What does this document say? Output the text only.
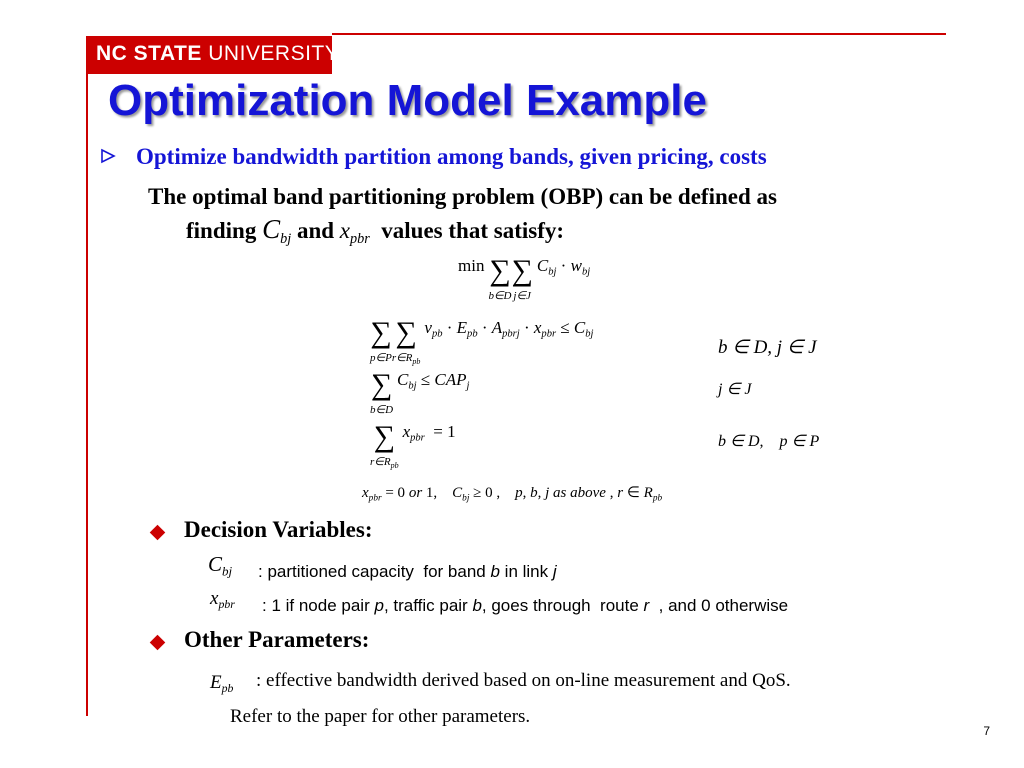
NC STATE UNIVERSITY
Optimization Model Example
Optimize bandwidth partition among bands, given pricing, costs
The optimal band partitioning problem (OBP) can be defined as
finding $C_{bj}$ and $x_{pbr}$ values that satisfy:
min ∑
b∈D∑
j∈J $C_{bj} \cdot w_{bj}$
∑
p∈P∑
$r\in R_{pb}$ $v_{pb} \cdot E_{pb} \cdot A_{pbrj} \cdot x_{pbr} \le C_{bj}$
b ∈ D, j ∈ J
∑
b∈D $C_{bj} \le CAP_j$	j ∈ J
∑
$r\in R_{pb}$ $x_{pbr} = 1$
b ∈ D,    p ∈ P
$x_{pbr} = 0$ or 1,    $C_{bj} \ge 0$ ,    p, b, j as above , r ∈ $R_{pb}$
Decision Variables:
$C_{bj}$ : partitioned capacity  for band b in link j
$x_{pbr}$ : 1 if node pair p, traffic pair b, goes through  route r  , and 0 otherwise
Other Parameters:
$E_{pb}$ : effective bandwidth derived based on on-line measurement and QoS.
Refer to the paper for other parameters.
7
